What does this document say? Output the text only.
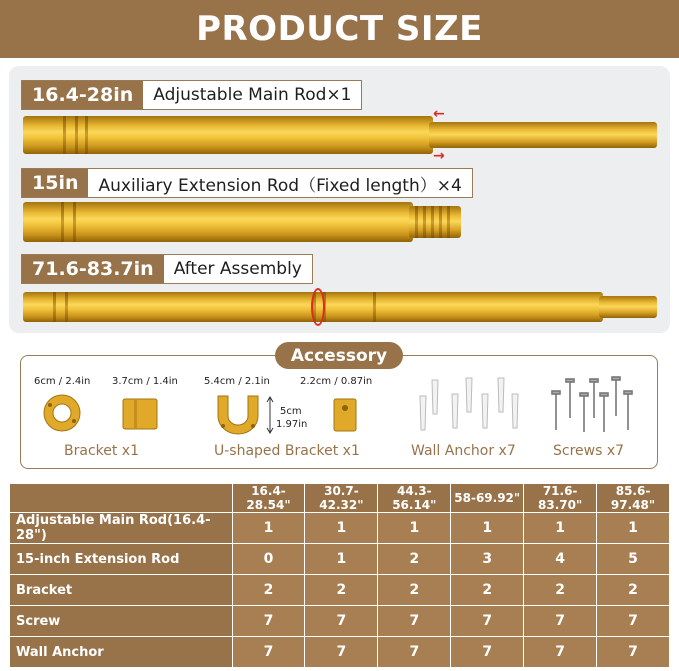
PRODUCT SIZE
16.4-28in	Adjustable Main Rod×1
←
→
15in	Auxiliary Extension Rod（Fixed length）×4
71.6-83.7in	After Assembly
Accessory
6cm / 2.4in 3.7cm / 1.4in
Bracket x1
5.4cm / 2.1in	2.2cm / 0.87in
5cm
1.97in
U-shaped Bracket x1	Wall Anchor x7	Screws x7
	16.4-28.54"	30.7-42.32"	44.3-56.14"	58-69.92"	71.6-83.70"	85.6-97.48"
Adjustable Main Rod(16.4-28")	1	1	1	1	1	1
15-inch Extension Rod	0	1	2	3	4	5
Bracket	2	2	2	2	2	2
Screw	7	7	7	7	7	7
Wall Anchor	7	7	7	7	7	7
